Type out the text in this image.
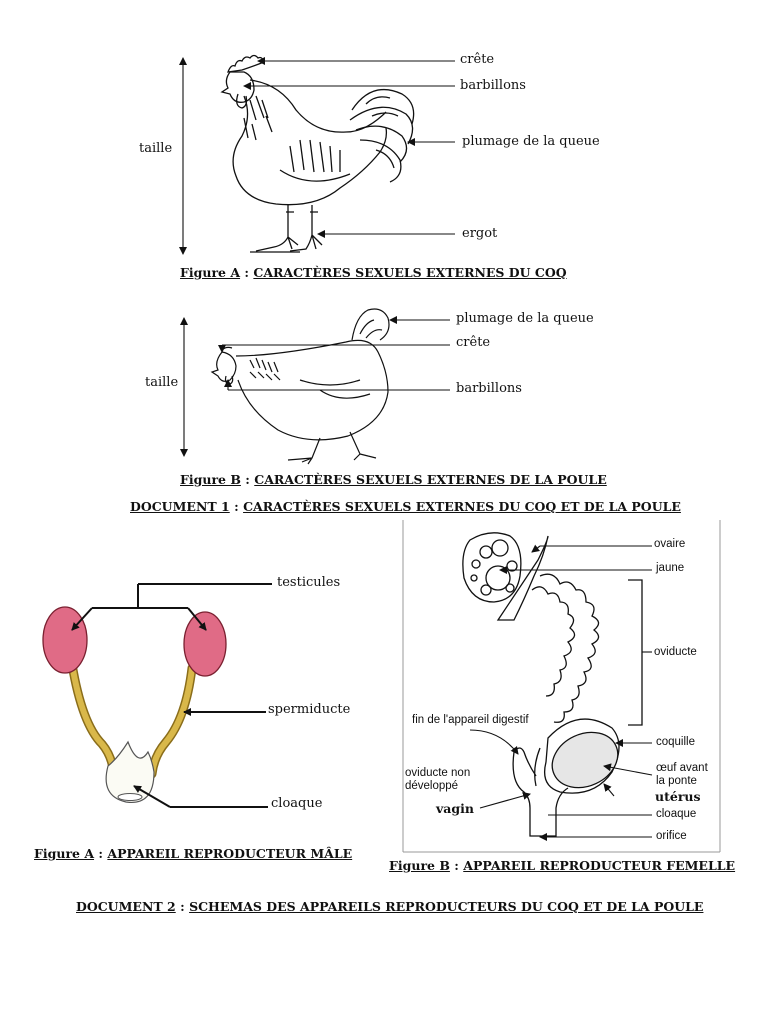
crête
barbillons
plumage de la queue
ergot
taille
Figure A : CARACTÈRES SEXUELS EXTERNES DU COQ
plumage de la queue
crête
barbillons
taille
Figure B : CARACTÈRES SEXUELS EXTERNES DE LA POULE
DOCUMENT 1 : CARACTÈRES SEXUELS EXTERNES DU COQ ET DE LA POULE
testicules
spermiducte
cloaque
Figure A : APPAREIL REPRODUCTEUR MÂLE
ovaire
jaune
oviducte
fin de l'appareil digestif
coquille
œuf avant
la ponte
utérus
cloaque
orifice
oviducte non
développé
vagin
Figure B : APPAREIL REPRODUCTEUR FEMELLE
DOCUMENT 2 : SCHEMAS DES APPAREILS REPRODUCTEURS DU COQ ET DE LA POULE
